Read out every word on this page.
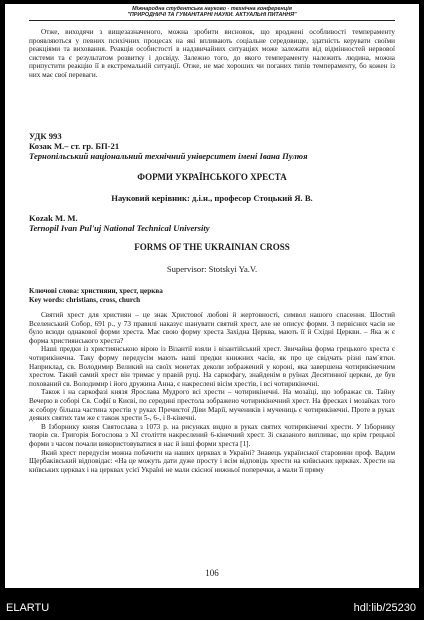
Міжнародна студентська науково - технічна конференція
"ПРИРОДНИЧІ ТА ГУМАНІТАРНІ НАУКИ. АКТУАЛЬНІ ПИТАННЯ"

Отже, виходячи з вищезазначеного, можна зробити висновок, що вроджені особливості темпераменту проявляються у певних психічних процесах на які впливають соціальне середовище, здатність керувати своїми реакціями та виховання. Реакція особистості в надзвичайних ситуаціях може залежати від відмінностей нервової системи та є результатом розвитку і досвіду. Залежно того, до якого темпераменту належить людина, можна припустити реакцію її в екстремальній ситуації. Отже, не має хороших чи поганих типів темпераменту, бо кожен із них має свої переваги.

УДК 993

Козак М.– ст. гр. БП-21

Тернопільський національний технічний університет імені Івана Пулюя

ФОРМИ УКРАЇНСЬКОГО ХРЕСТА

Науковий керівник: д.і.н., професор Стоцький Я. В.

Kozak M. M.

Ternopil Ivan Pul'uj National Technical University

FORMS OF THE UKRAINIAN CROSS

Supervisor: Stotskyi Ya.V.

Ключові слова: християни, хрест, церква

Key words: christians, cross, church

Святий хрест для християн – це знак Христової любові й жертовності, символ нашого спасення. Шостий Вселенський Собор, 691 р., у 73 правилі наказує шанувати святий хрест, але не описує форми. З первісних часів не було всюди однакової форми хреста. Має свою форму хреста Західна Церква, мають її й Східні Церкви. – Яка ж є форма християнського хреста?

Наші предки із християнською вірою із Візантії взяли і візантійський хрест. Звичайна форма грецького хреста є чотирикінечна. Таку форму передусім мають наші предки книжних часів, як про це свідчать різні пам`ятки. Наприклад, св. Володимир Великий на своїх монетах деколи зображений у короні, яка завершена чотирикінечним хрестом. Такий самий хрест він тримає у правій руці. На саркофагу, знайденім в руїнах Десятинної церкви, де був похований св. Володимир і його дружина Анна, є накреслені вісім хрестів, і всі чотирикінечні.

Також і на саркофазі князя Ярослава Мудрого всі хрести – чотирикінечні. На мозаїці, що зображає св. Тайну Вечерю в соборі Св. Софії в Києві, по середині престола зображено чотирикінечний хрест. На фресках і мозаїках того ж собору більша частина хрестів у руках Пречистої Діви Марії, мучеників і мучениць є чотирикінечні. Проте в руках деяких святих там же є також хрести 5-, 6-, і 8-кінечні.

В Ізборнику князя Святослава з 1073 р. на рисунках видно в руках святих чотирикінечні хрести. У Ізборнику творів св. Григорія Богослова з XI століття накреслений 6-кінечний хрест. Зі сказаного випливає, що крім грецької форми з часом почали використовуватися в нас й інші форми хреста [1].

Який хрест передусім можна побачити на наших церквах в Україні? Знавець української старовини проф. Вадим Щербаківський відповідає: «На це можуть дати дуже просту і всім відповідь хрести на київських церквах. Хрести на київських церквах і на церквах усієї Україні не мали скісної нижньої поперечки, а мали її пряму

106
ELARTU	hdl:lib/25230
